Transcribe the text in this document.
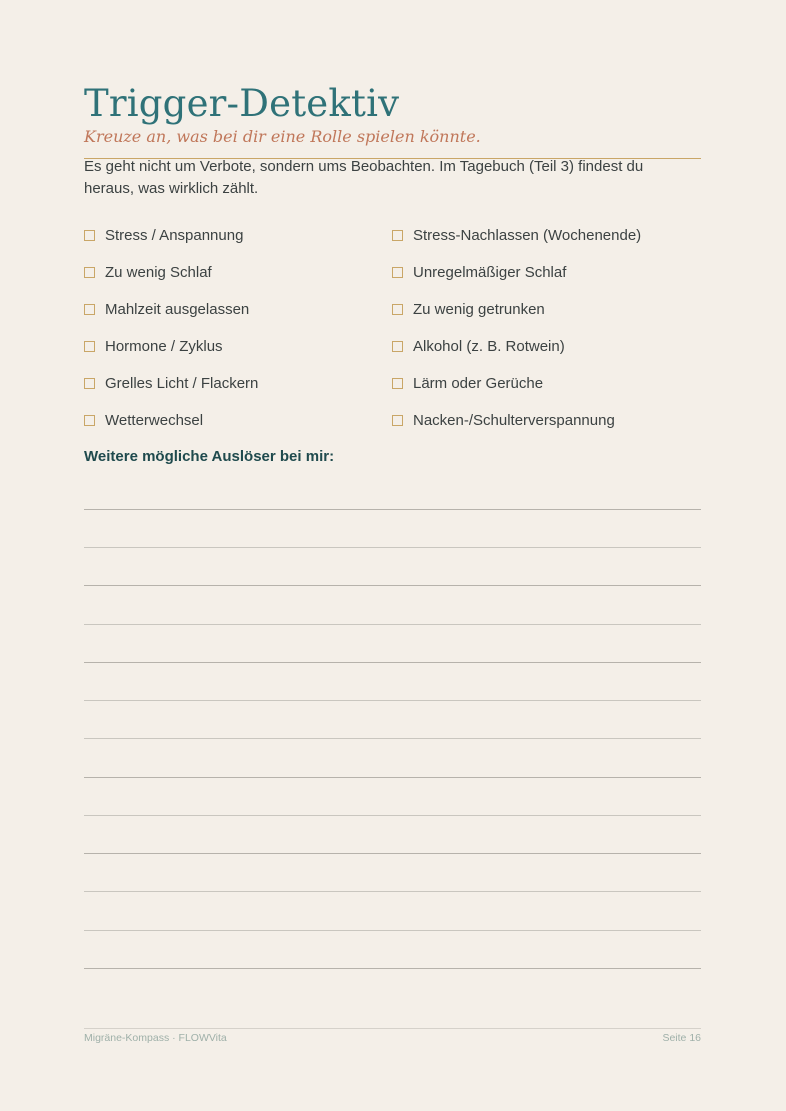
Trigger-Detektiv
Kreuze an, was bei dir eine Rolle spielen könnte.
Es geht nicht um Verbote, sondern ums Beobachten. Im Tagebuch (Teil 3) findest du heraus, was wirklich zählt.
Stress / Anspannung
Zu wenig Schlaf
Mahlzeit ausgelassen
Hormone / Zyklus
Grelles Licht / Flackern
Wetterwechsel
Stress-Nachlassen (Wochenende)
Unregelmäßiger Schlaf
Zu wenig getrunken
Alkohol (z. B. Rotwein)
Lärm oder Gerüche
Nacken-/Schulterverspannung
Weitere mögliche Auslöser bei mir:
Migräne-Kompass · FLOWVita	Seite 16
